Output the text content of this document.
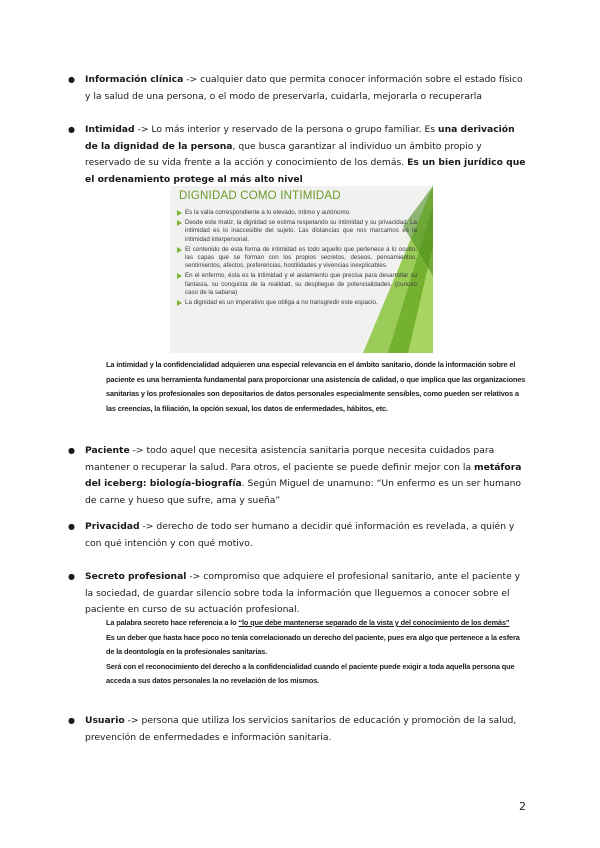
● Información clínica -> cualquier dato que permita conocer información sobre el estado físico y la salud de una persona, o el modo de preservarla, cuidarla, mejorarla o recuperarla
● Intimidad -> Lo más interior y reservado de la persona o grupo familiar. Es una derivación de la dignidad de la persona, que busca garantizar al individuo un ámbito propio y reservado de su vida frente a la acción y conocimiento de los demás. Es un bien jurídico que el ordenamiento protege al más alto nivel
DIGNIDAD COMO INTIMIDAD
Es la valía correspondiente a lo elevado, íntimo y autónomo.
Desde este matiz, la dignidad se estima respetando su intimidad y su privacidad. La intimidad es lo inaccesible del sujeto. Las distancias que nos marcamos es la intimidad interpersonal.
El contenido de esta forma de intimidad es todo aquello que pertenece a lo oculto, las capas que se forman con los propios secretos, deseos, pensamientos, sentimientos, afectos, preferencias, hostilidades y vivencias inexplicables.
En el enfermo, ésta es la intimidad y el aislamiento que precisa para desarrollar su fantasía, su conquista de la realidad, su despliegue de potencialidades. (curioso caso de la sabana)
La dignidad es un imperativo que obliga a no transgredir este espacio.
La intimidad y la confidencialidad adquieren una especial relevancia en el ámbito sanitario, donde la información sobre el paciente es una herramienta fundamental para proporcionar una asistencia de calidad, o que implica que las organizaciones sanitarias y los profesionales son depositarios de datos personales especialmente sensibles, como pueden ser relativos a las creencias, la filiación, la opción sexual, los datos de enfermedades, hábitos, etc.
● Paciente -> todo aquel que necesita asistencia sanitaria porque necesita cuidados para mantener o recuperar la salud. Para otros, el paciente se puede definir mejor con la metáfora del iceberg: biología-biografía. Según Miguel de unamuno: “Un enfermo es un ser humano de carne y hueso que sufre, ama y sueña”
● Privacidad -> derecho de todo ser humano a decidir qué información es revelada, a quién y con qué intención y con qué motivo.
● Secreto profesional -> compromiso que adquiere el profesional sanitario, ante el paciente y la sociedad, de guardar silencio sobre toda la información que lleguemos a conocer sobre el paciente en curso de su actuación profesional.
La palabra secreto hace referencia a lo “lo que debe mantenerse separado de la vista y del conocimiento de los demás”
Es un deber que hasta hace poco no tenía correlacionado un derecho del paciente, pues era algo que pertenece a la esfera de la deontología en la profesionales sanitarias.
Será con el reconocimiento del derecho a la confidencialidad cuando el paciente puede exigir a toda aquella persona que acceda a sus datos personales la no revelación de los mismos.
● Usuario -> persona que utiliza los servicios sanitarios de educación y promoción de la salud, prevención de enfermedades e información sanitaria.
2
